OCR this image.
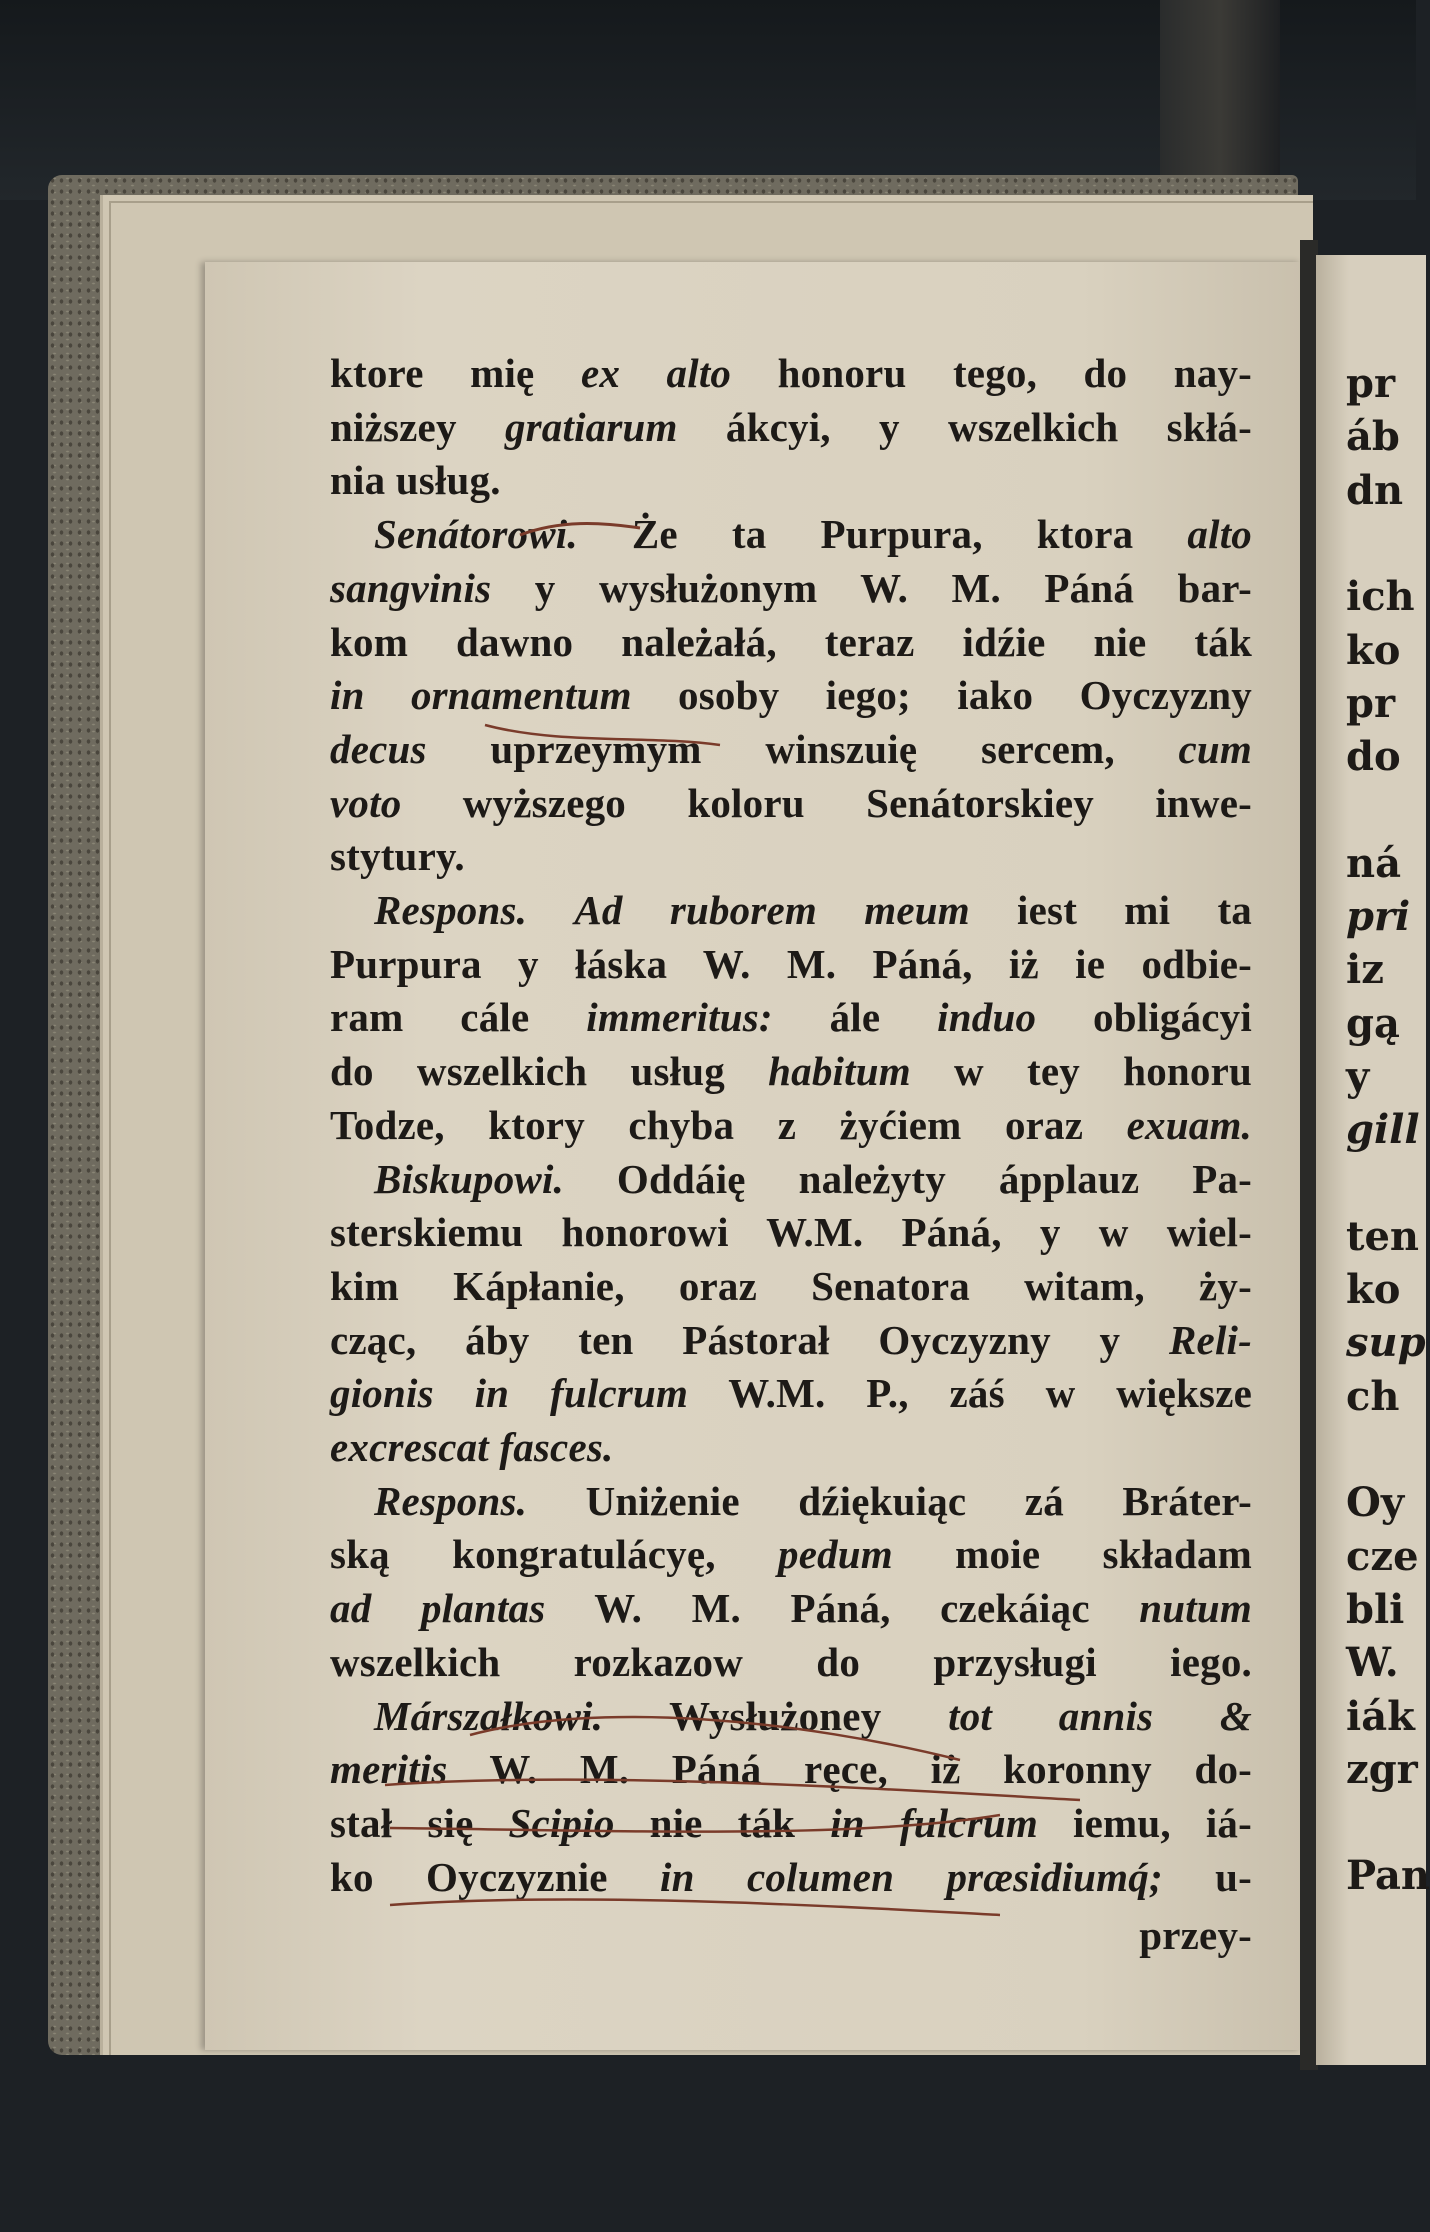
ktore mię ex alto honoru tego, do nay-
niższey gratiarum ákcyi, y wszelkich skłá-
nia usług.
Senátorowi. Że ta Purpura, ktora alto
sangvinis y wysłużonym W. M. Páná bar-
kom dawno należałá, teraz idźie nie ták
in ornamentum osoby iego; iako Oyczyzny
decus uprzeymym winszuię sercem, cum
voto wyższego koloru Senátorskiey inwe-
stytury.
Respons. Ad ruborem meum iest mi ta
Purpura y łáska W. M. Páná, iż ie odbie-
ram cále immeritus: ále induo obligácyi
do wszelkich usług habitum w tey honoru
Todze, ktory chyba z żyćiem oraz exuam.
Biskupowi. Oddáię należyty ápplauz Pa-
sterskiemu honorowi W.M. Páná, y w wiel-
kim Kápłanie, oraz Senatora witam, ży-
cząc, áby ten Pástorał Oyczyzny y Reli-
gionis in fulcrum W.M. P., záś w większe
excrescat fasces.
Respons. Uniżenie dźiękuiąc zá Bráter-
ską kongratulácyę, pedum moie składam
ad plantas W. M. Páná, czekáiąc nutum
wszelkich rozkazow do przysługi iego.
Márszałkowi. Wysłużoney tot annis &
meritis W. M. Páná ręce, iż koronny do-
stał się Scipio nie ták in fulcrum iemu, iá-
ko Oyczyznie in columen præsidiumq́; u-
przey-
pr
áb
dn
ich
ko
pr
do
ná
pri
iz
gą
y
gill
ten
ko
sup
ch
Oy
cze
bli
W.
iák
zgr
Pan
